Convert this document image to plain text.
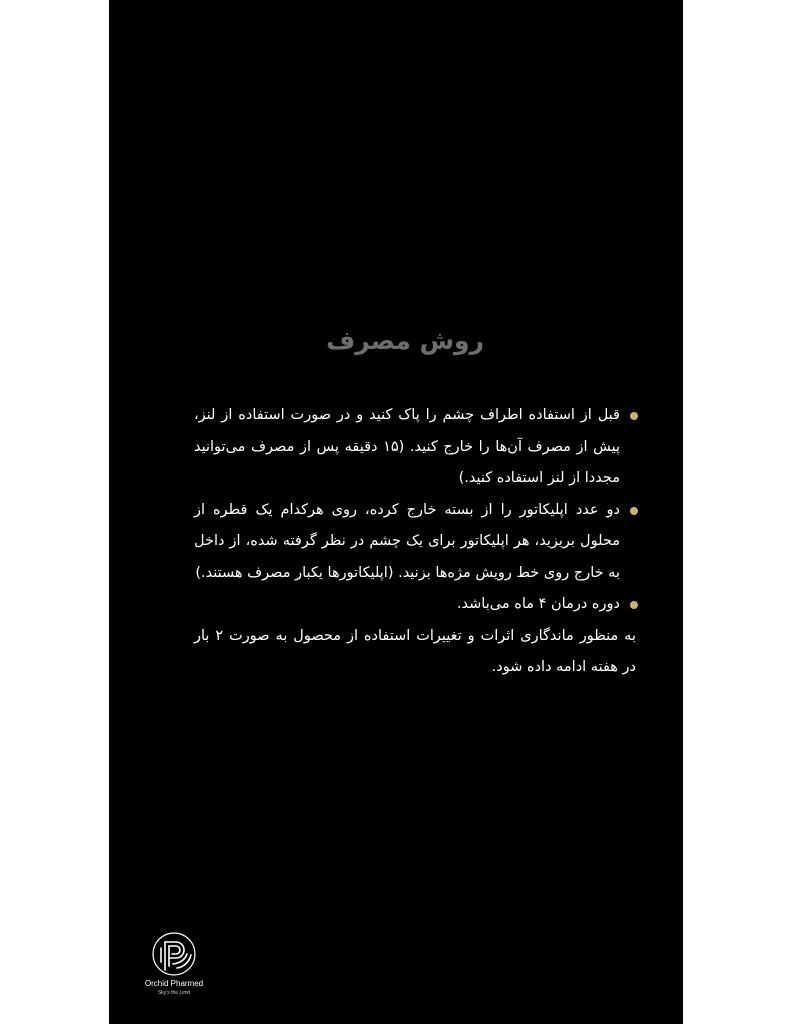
روش مصرف
قبل از استفاده اطراف چشم را پاک کنید و در صورت استفاده از لنز، پیش از مصرف آن‌ها را خارج کنید. (۱۵ دقیقه پس از مصرف می‌توانید مجددا از لنز استفاده کنید.)
دو عدد اپلیکاتور را از بسته خارج کرده، روی هرکدام یک قطره از محلول بریزید، هر اپلیکاتور برای یک چشم در نظر گرفته شده، از داخل به خارج روی خط رویش مژه‌ها بزنید. (اپلیکاتورها یکبار مصرف هستند.)
دوره درمان ۴ ماه می‌باشد.
به منظور ماندگاری اثرات و تغییرات استفاده از محصول به صورت ۲ بار در هفته ادامه داده شود.
Orchid Pharmed
Sky's the Limit
